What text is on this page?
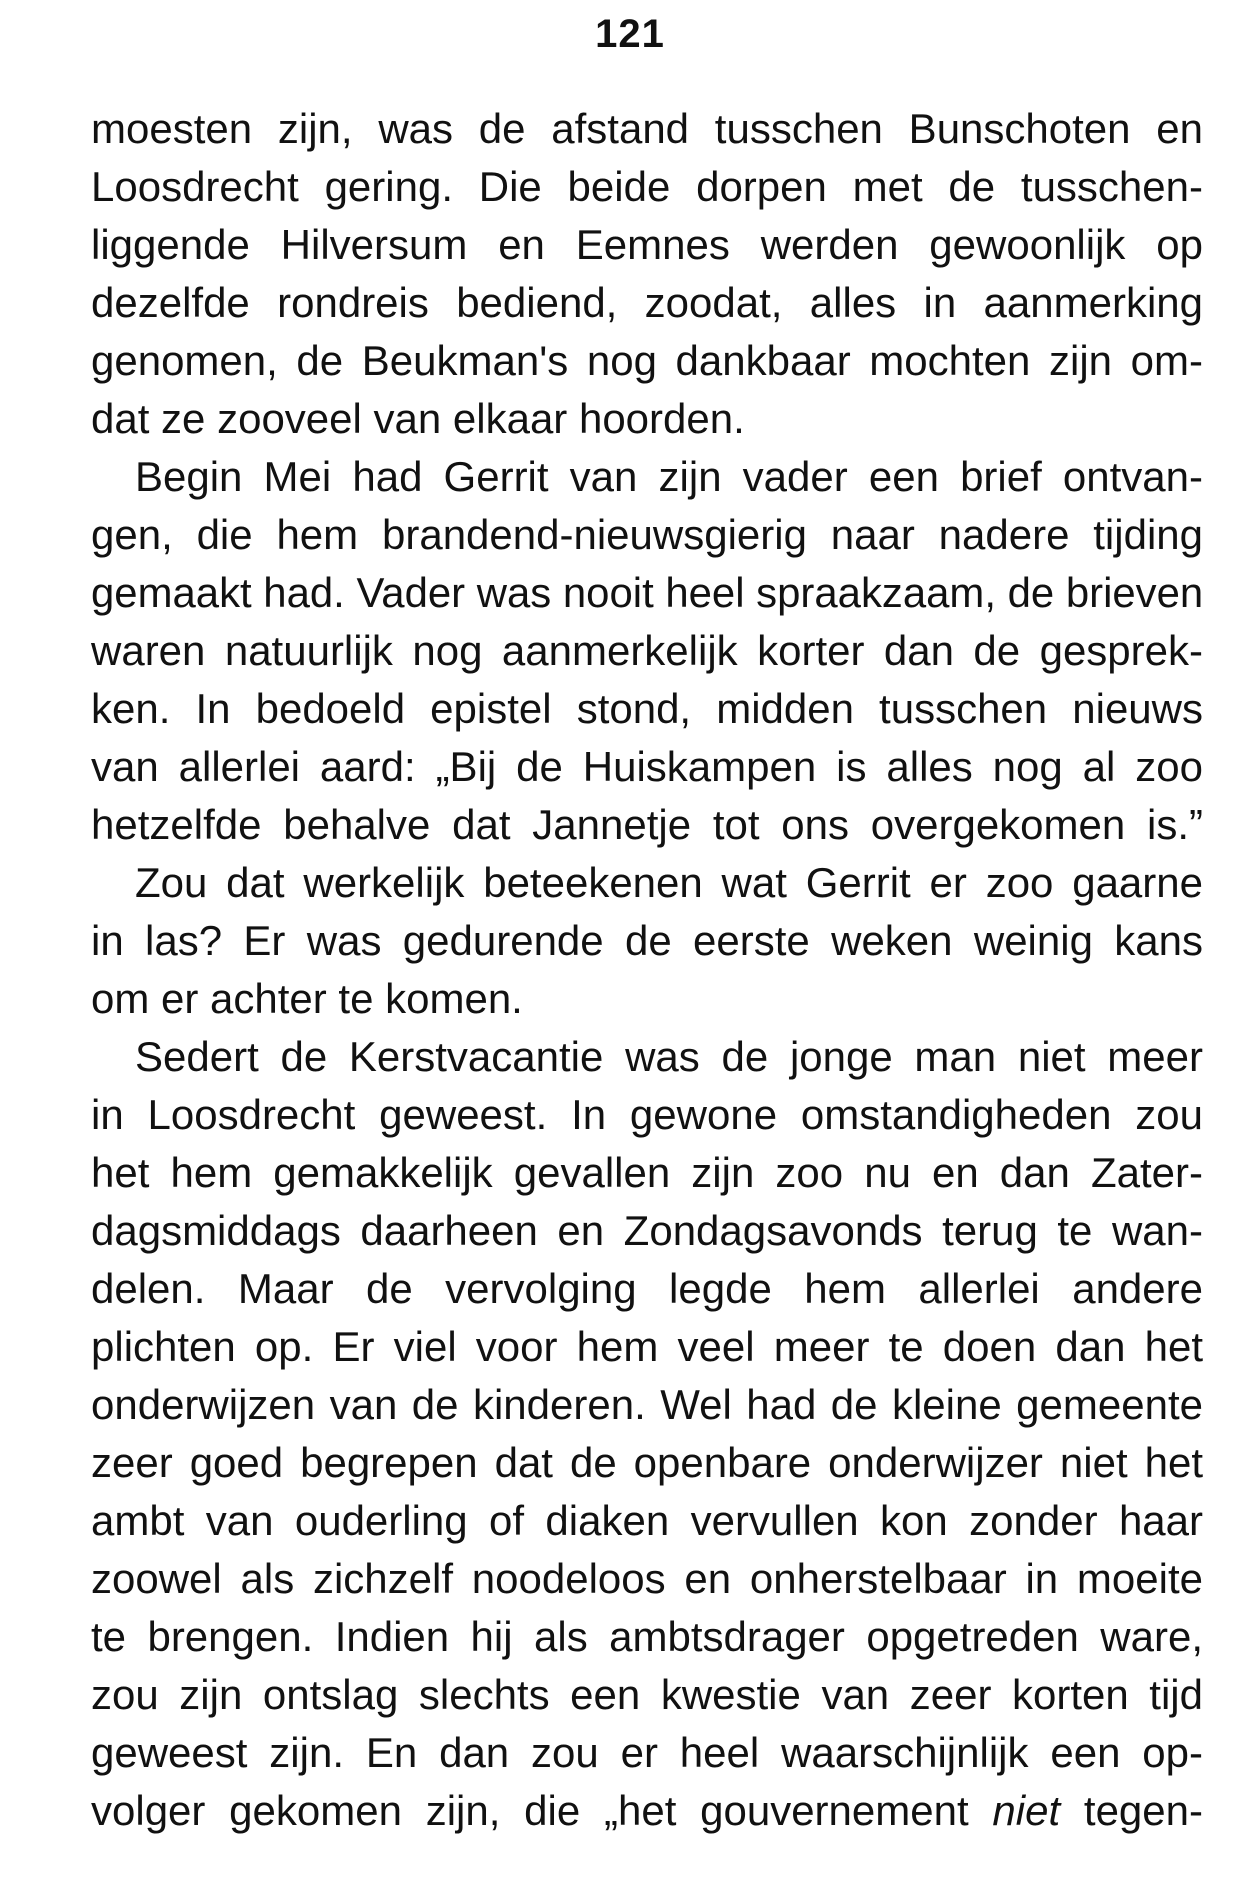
121
moesten zijn, was de afstand tusschen Bunschoten en
Loosdrecht gering. Die beide dorpen met de tusschen-
liggende Hilversum en Eemnes werden gewoonlijk op
dezelfde rondreis bediend, zoodat, alles in aanmerking
genomen, de Beukman's nog dankbaar mochten zijn om-
dat ze zooveel van elkaar hoorden.
Begin Mei had Gerrit van zijn vader een brief ontvan-
gen, die hem brandend-nieuwsgierig naar nadere tijding
gemaakt had. Vader was nooit heel spraakzaam, de brieven
waren natuurlijk nog aanmerkelijk korter dan de gesprek-
ken. In bedoeld epistel stond, midden tusschen nieuws
van allerlei aard: „Bij de Huiskampen is alles nog al zoo
hetzelfde behalve dat Jannetje tot ons overgekomen is.”
Zou dat werkelijk beteekenen wat Gerrit er zoo gaarne
in las? Er was gedurende de eerste weken weinig kans
om er achter te komen.
Sedert de Kerstvacantie was de jonge man niet meer
in Loosdrecht geweest. In gewone omstandigheden zou
het hem gemakkelijk gevallen zijn zoo nu en dan Zater-
dagsmiddags daarheen en Zondagsavonds terug te wan-
delen. Maar de vervolging legde hem allerlei andere
plichten op. Er viel voor hem veel meer te doen dan het
onderwijzen van de kinderen. Wel had de kleine gemeente
zeer goed begrepen dat de openbare onderwijzer niet het
ambt van ouderling of diaken vervullen kon zonder haar
zoowel als zichzelf noodeloos en onherstelbaar in moeite
te brengen. Indien hij als ambtsdrager opgetreden ware,
zou zijn ontslag slechts een kwestie van zeer korten tijd
geweest zijn. En dan zou er heel waarschijnlijk een op-
volger gekomen zijn, die „het gouvernement niet tegen-
